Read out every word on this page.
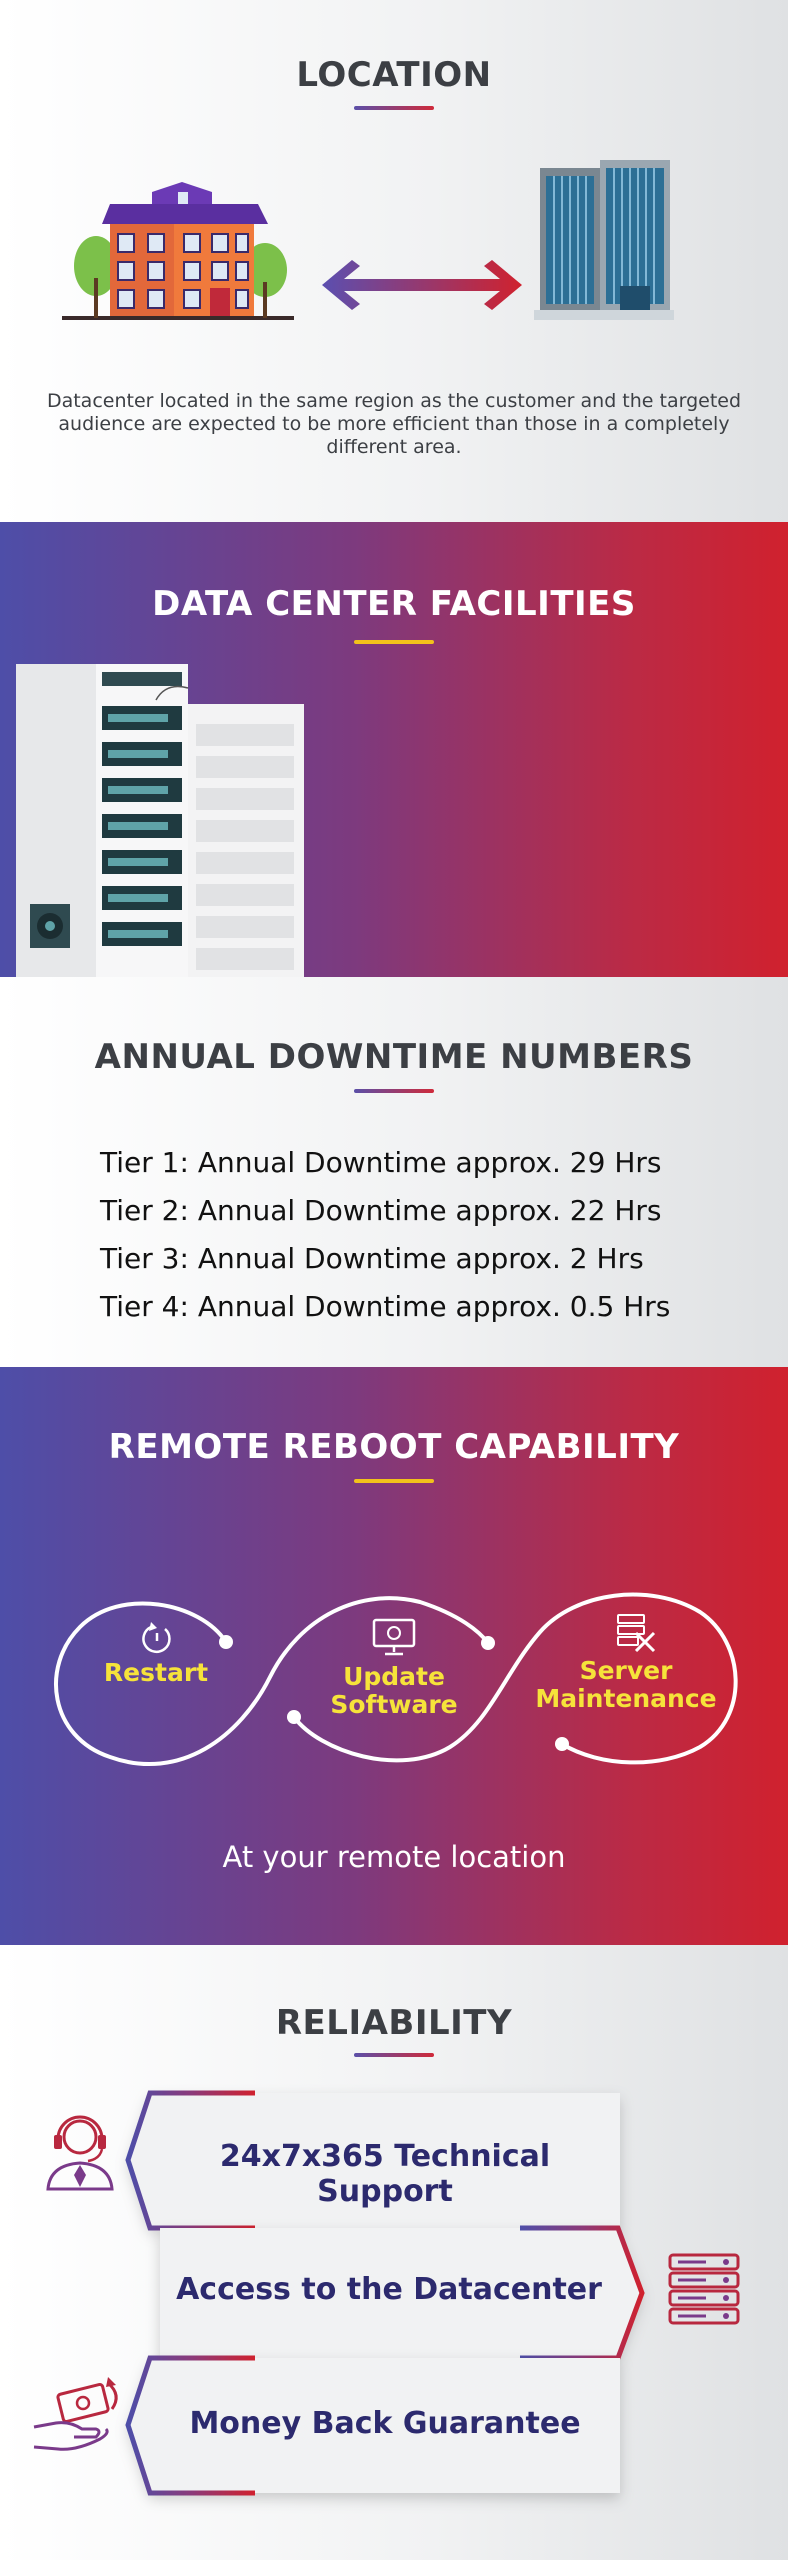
LOCATION
Datacenter located in the same region as the customer and the targeted audience are expected to be more efficient than those in a completely different area.
DATA CENTER FACILITIES
ANNUAL DOWNTIME NUMBERS
Tier 1: Annual Downtime approx. 29 Hrs
Tier 2: Annual Downtime approx. 22 Hrs
Tier 3: Annual Downtime approx. 2 Hrs
Tier 4: Annual Downtime approx. 0.5 Hrs
REMOTE REBOOT CAPABILITY
Restart	Update
Software
Server
Maintenance
At your remote location
RELIABILITY
24x7x365 Technical Support
Access to the Datacenter
Money Back Guarantee
